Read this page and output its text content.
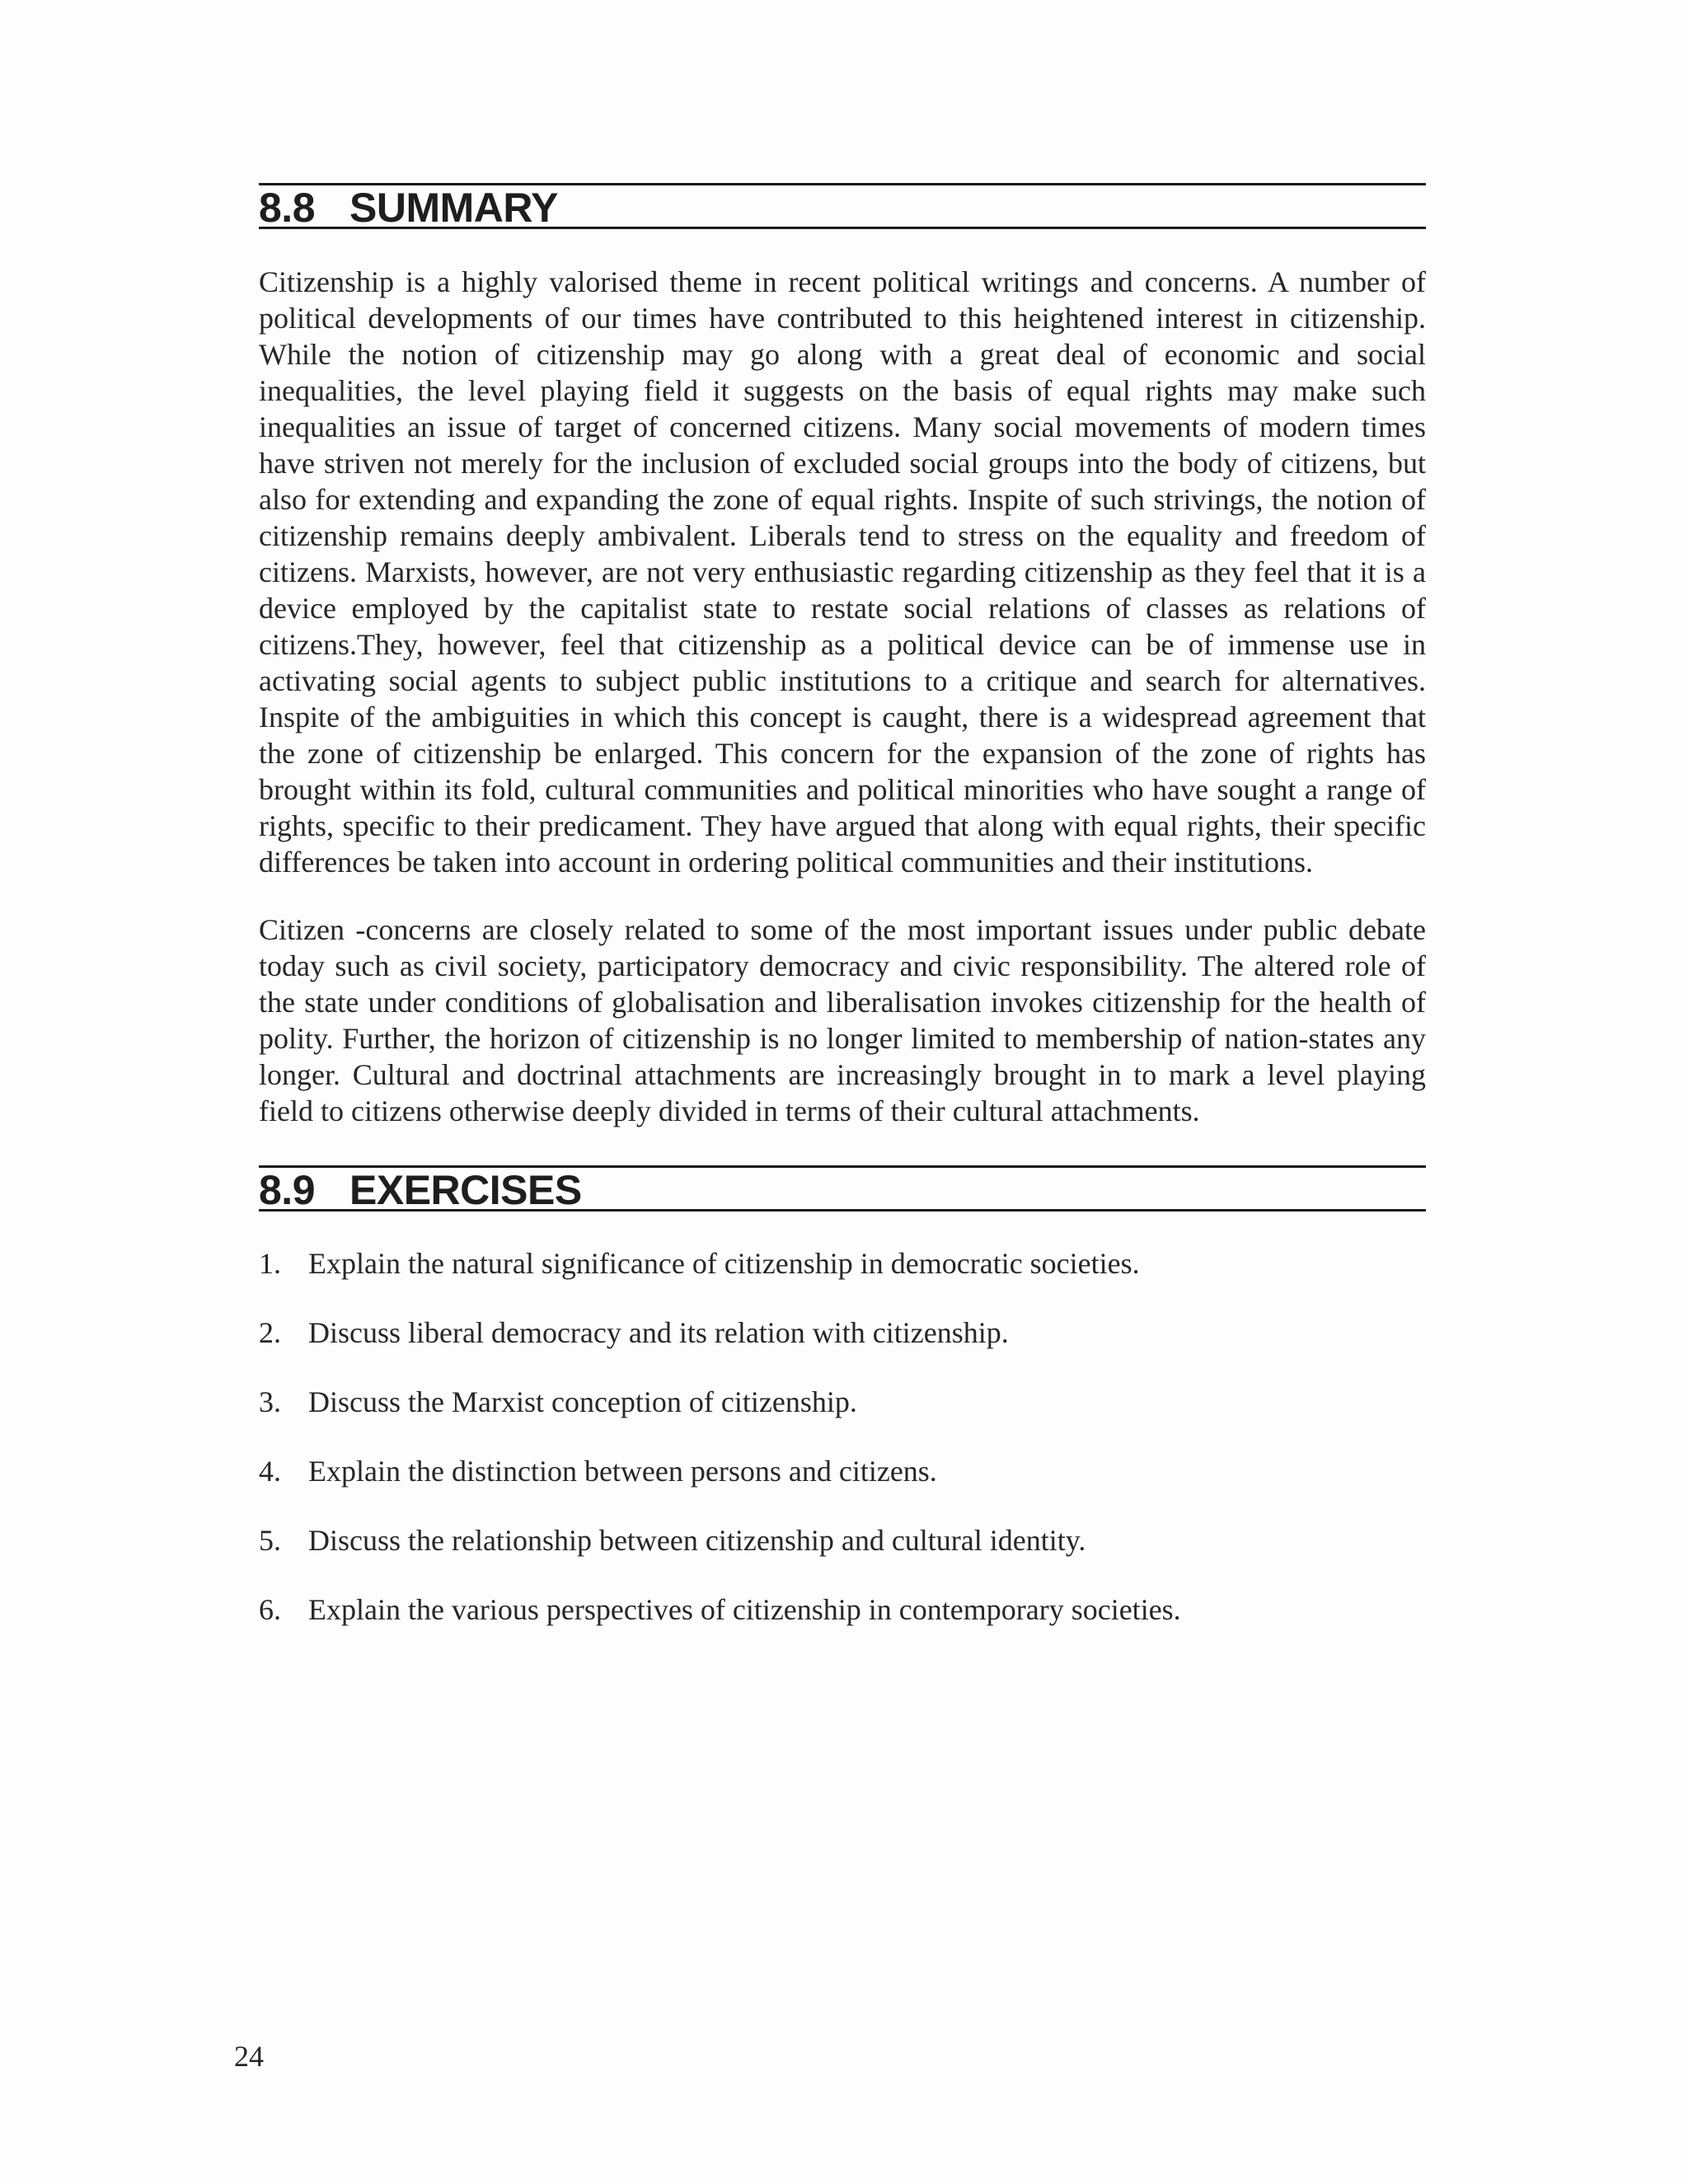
8.8 SUMMARY

Citizenship is a highly valorised theme in recent political writings and concerns. A number of political developments of our times have contributed to this heightened interest in citizenship. While the notion of citizenship may go along with a great deal of economic and social inequalities, the level playing field it suggests on the basis of equal rights may make such inequalities an issue of target of concerned citizens. Many social movements of modern times have striven not merely for the inclusion of excluded social groups into the body of citizens, but also for extending and expanding the zone of equal rights. Inspite of such strivings, the notion of citizenship remains deeply ambivalent. Liberals tend to stress on the equality and freedom of citizens. Marxists, however, are not very enthusiastic regarding citizenship as they feel that it is a device employed by the capitalist state to restate social relations of classes as relations of citizens.They, however, feel that citizenship as a political device can be of immense use in activating social agents to subject public institutions to a critique and search for alternatives. Inspite of the ambiguities in which this concept is caught, there is a widespread agreement that the zone of citizenship be enlarged. This concern for the expansion of the zone of rights has brought within its fold, cultural communities and political minorities who have sought a range of rights, specific to their predicament. They have argued that along with equal rights, their specific differences be taken into account in ordering political communities and their institutions.

Citizen -concerns are closely related to some of the most important issues under public debate today such as civil society, participatory democracy and civic responsibility. The altered role of the state under conditions of globalisation and liberalisation invokes citizenship for the health of polity. Further, the horizon of citizenship is no longer limited to membership of nation-states any longer. Cultural and doctrinal attachments are increasingly brought in to mark a level playing field to citizens otherwise deeply divided in terms of their cultural attachments.

8.9 EXERCISES
1. Explain the natural significance of citizenship in democratic societies.
2. Discuss liberal democracy and its relation with citizenship.
3. Discuss the Marxist conception of citizenship.
4. Explain the distinction between persons and citizens.
5. Discuss the relationship between citizenship and cultural identity.
6. Explain the various perspectives of citizenship in contemporary societies.
24
